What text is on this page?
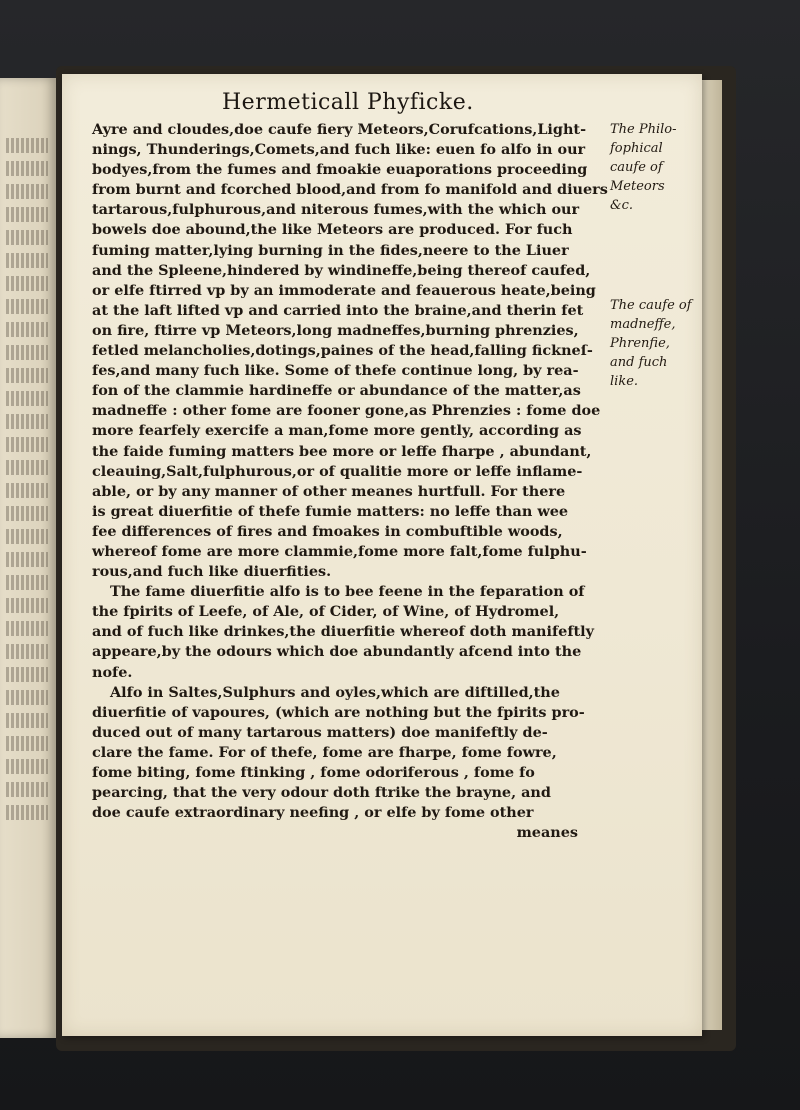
Hermeticall Phyficke.
Ayre and cloudes,doe caufe fiery Meteors,Corufcations,Light-
nings, Thunderings,Comets,and fuch like: euen fo alfo in our
bodyes,from the fumes and fmoakie euaporations proceeding
from burnt and fcorched blood,and from fo manifold and diuers
tartarous,fulphurous,and niterous fumes,with the which our
bowels doe abound,the like Meteors are produced. For fuch
fuming matter,lying burning in the fides,neere to the Liuer
and the Spleene,hindered by windineffe,being thereof caufed,
or elfe ftirred vp by an immoderate and feauerous heate,being
at the laft lifted vp and carried into the braine,and therin fet
on fire, ftirre vp Meteors,long madneffes,burning phrenzies,
fetled melancholies,dotings,paines of the head,falling fickneſ-
fes,and many fuch like. Some of thefe continue long, by rea-
fon of the clammie hardineffe or abundance of the matter,as
madneffe : other fome are fooner gone,as Phrenzies : fome doe
more fearfely exercife a man,fome more gently, according as
the faide fuming matters bee more or leffe fharpe , abundant,
cleauing,Salt,fulphurous,or of qualitie more or leffe inflame-
able, or by any manner of other meanes hurtfull. For there
is great diuerfitie of thefe fumie matters: no leffe than wee
fee differences of fires and fmoakes in combuftible woods,
whereof fome are more clammie,fome more falt,fome fulphu-
rous,and fuch like diuerfities.
The fame diuerfitie alfo is to bee feene in the feparation of
the fpirits of Leefe, of Ale, of Cider, of Wine, of Hydromel,
and of fuch like drinkes,the diuerfitie whereof doth manifeftly
appeare,by the odours which doe abundantly afcend into the
nofe.
Alfo in Saltes,Sulphurs and oyles,which are diftilled,the
diuerfitie of vapoures, (which are nothing but the fpirits pro-
duced out of many tartarous matters) doe manifeftly de-
clare the fame. For of thefe, fome are fharpe, fome fowre,
fome biting, fome ftinking , fome odoriferous , fome fo
pearcing, that the very odour doth ftrike the brayne, and
doe caufe extraordinary neefing , or elfe by fome other
meanes
The Philo-
fophical
caufe of
Meteors
&c.
The caufe of
madneffe,
Phrenfie,
and fuch
like.
